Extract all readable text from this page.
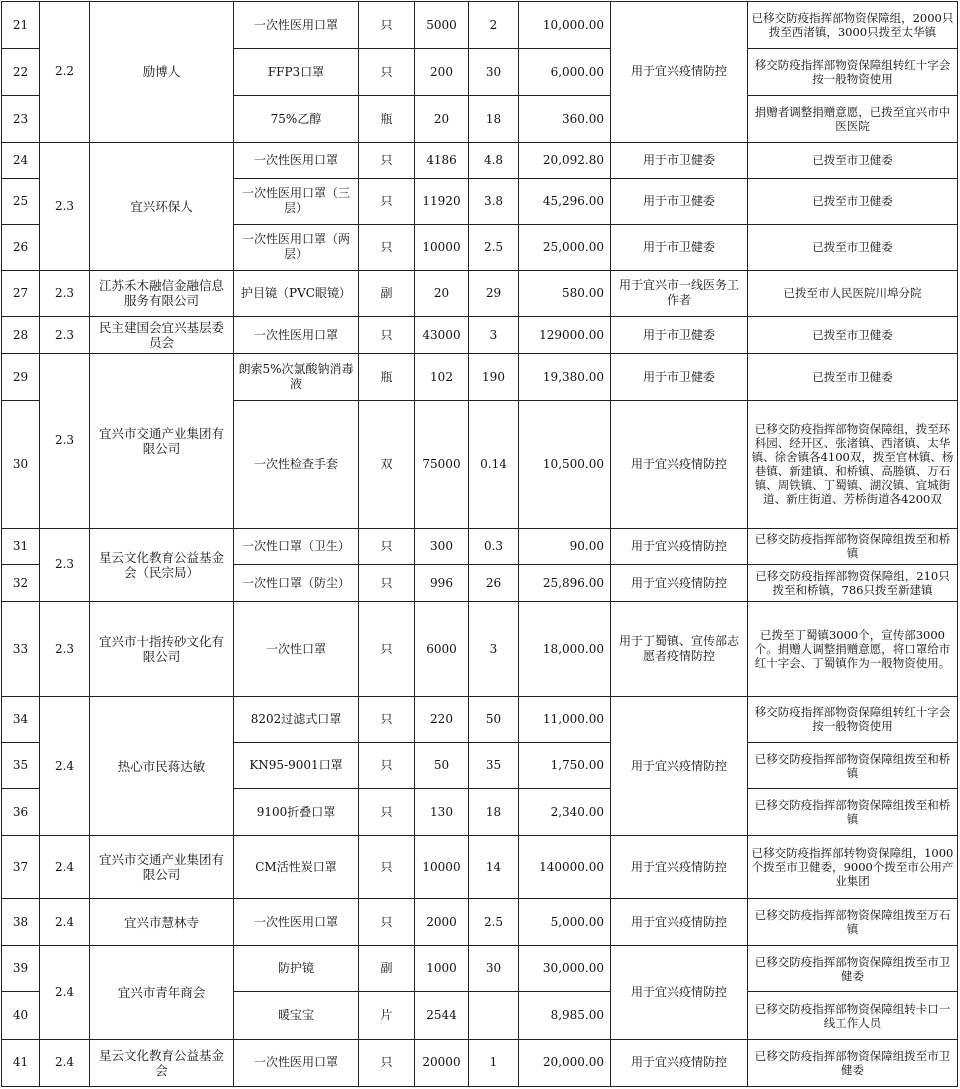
21	2.2	励博人	一次性医用口罩	只	5000	2	10,000.00	用于宜兴疫情防控	已移交防疫指挥部物资保障组，2000只拨至西渚镇，3000只拨至太华镇
22			FFP3口罩	只	200	30	6,000.00		移交防疫指挥部物资保障组转红十字会按一般物资使用
23			75%乙醇	瓶	20	18	360.00		捐赠者调整捐赠意愿，已拨至宜兴市中医医院
24	2.3	宜兴环保人	一次性医用口罩	只	4186	4.8	20,092.80	用于市卫健委	已拨至市卫健委
25			一次性医用口罩（三层）	只	11920	3.8	45,296.00	用于市卫健委	已拨至市卫健委
26			一次性医用口罩（两层）	只	10000	2.5	25,000.00	用于市卫健委	已拨至市卫健委
27	2.3	江苏禾木融信金融信息服务有限公司	护目镜（PVC眼镜）	副	20	29	580.00	用于宜兴市一线医务工作者	已拨至市人民医院川埠分院
28	2.3	民主建国会宜兴基层委员会	一次性医用口罩	只	43000	3	129000.00	用于市卫健委	已拨至市卫健委
29	2.3	宜兴市交通产业集团有限公司	朗索5%次氯酸钠消毒液	瓶	102	190	19,380.00	用于市卫健委	已拨至市卫健委
30			一次性检查手套	双	75000	0.14	10,500.00	用于宜兴疫情防控	已移交防疫指挥部物资保障组，拨至环科园、经开区、张渚镇、西渚镇、太华镇、徐舍镇各4100双，拨至官林镇、杨巷镇、新建镇、和桥镇、高塍镇、万石镇、周铁镇、丁蜀镇、湖㳇镇、宜城街道、新庄街道、芳桥街道各4200双
31	2.3	星云文化教育公益基金会（民宗局）	一次性口罩（卫生）	只	300	0.3	90.00	用于宜兴疫情防控	已移交防疫指挥部物资保障组拨至和桥镇
32			一次性口罩（防尘）	只	996	26	25,896.00	用于宜兴疫情防控	已移交防疫指挥部物资保障组，210只拨至和桥镇，786只拨至新建镇
33	2.3	宜兴市十指抟砂文化有限公司	一次性口罩	只	6000	3	18,000.00	用于丁蜀镇、宣传部志愿者疫情防控	已拨至丁蜀镇3000个，宣传部3000个。捐赠人调整捐赠意愿，将口罩给市红十字会、丁蜀镇作为一般物资使用。
34	2.4	热心市民蒋达敏	8202过滤式口罩	只	220	50	11,000.00	用于宜兴疫情防控	移交防疫指挥部物资保障组转红十字会按一般物资使用
35			KN95-9001口罩	只	50	35	1,750.00		已移交防疫指挥部物资保障组拨至和桥镇
36			9100折叠口罩	只	130	18	2,340.00		已移交防疫指挥部物资保障组拨至和桥镇
37	2.4	宜兴市交通产业集团有限公司	CM活性炭口罩	只	10000	14	140000.00	用于宜兴疫情防控	已移交防疫指挥部转物资保障组，1000个拨至市卫健委，9000个拨至市公用产业集团
38	2.4	宜兴市慧林寺	一次性医用口罩	只	2000	2.5	5,000.00	用于宜兴疫情防控	已移交防疫指挥部物资保障组拨至万石镇
39	2.4	宜兴市青年商会	防护镜	副	1000	30	30,000.00	用于宜兴疫情防控	已移交防疫指挥部物资保障组拨至市卫健委
40			暖宝宝	片	2544		8,985.00		已移交防疫指挥部物资保障组转卡口一线工作人员
41	2.4	星云文化教育公益基金会	一次性医用口罩	只	20000	1	20,000.00	用于宜兴疫情防控	已移交防疫指挥部物资保障组拨至市卫健委
